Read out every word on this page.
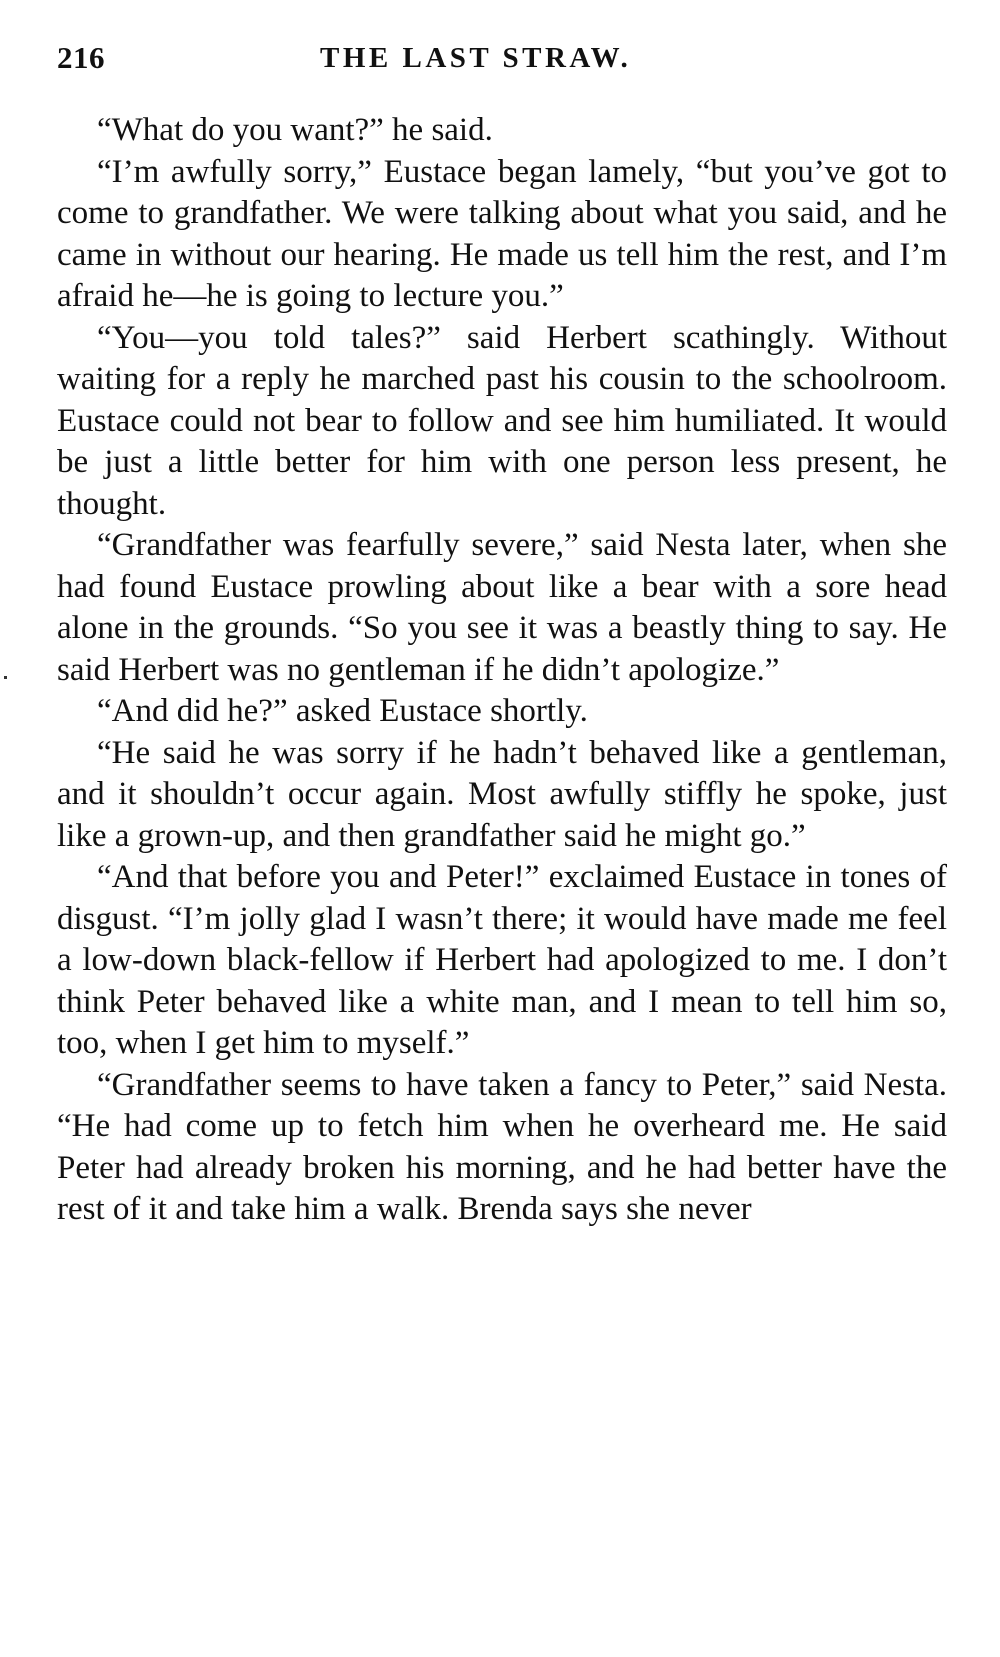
216	THE LAST STRAW.

“What do you want?” he said.

“I’m awfully sorry,” Eustace began lamely, “but you’ve got to come to grandfather. We were talking about what you said, and he came in without our hearing. He made us tell him the rest, and I’m afraid he—he is going to lecture you.”

“You—you told tales?” said Herbert scathingly. Without waiting for a reply he marched past his cousin to the schoolroom. Eustace could not bear to follow and see him humiliated. It would be just a little better for him with one person less present, he thought.

“Grandfather was fearfully severe,” said Nesta later, when she had found Eustace prowling about like a bear with a sore head alone in the grounds. “So you see it was a beastly thing to say. He said Herbert was no gentleman if he didn’t apologize.”

“And did he?” asked Eustace shortly.

“He said he was sorry if he hadn’t behaved like a gentleman, and it shouldn’t occur again. Most awfully stiffly he spoke, just like a grown-up, and then grandfather said he might go.”

“And that before you and Peter!” exclaimed Eustace in tones of disgust. “I’m jolly glad I wasn’t there; it would have made me feel a low-down black-fellow if Herbert had apologized to me. I don’t think Peter behaved like a white man, and I mean to tell him so, too, when I get him to myself.”

“Grandfather seems to have taken a fancy to Peter,” said Nesta. “He had come up to fetch him when he overheard me. He said Peter had already broken his morning, and he had better have the rest of it and take him a walk. Brenda says she never
